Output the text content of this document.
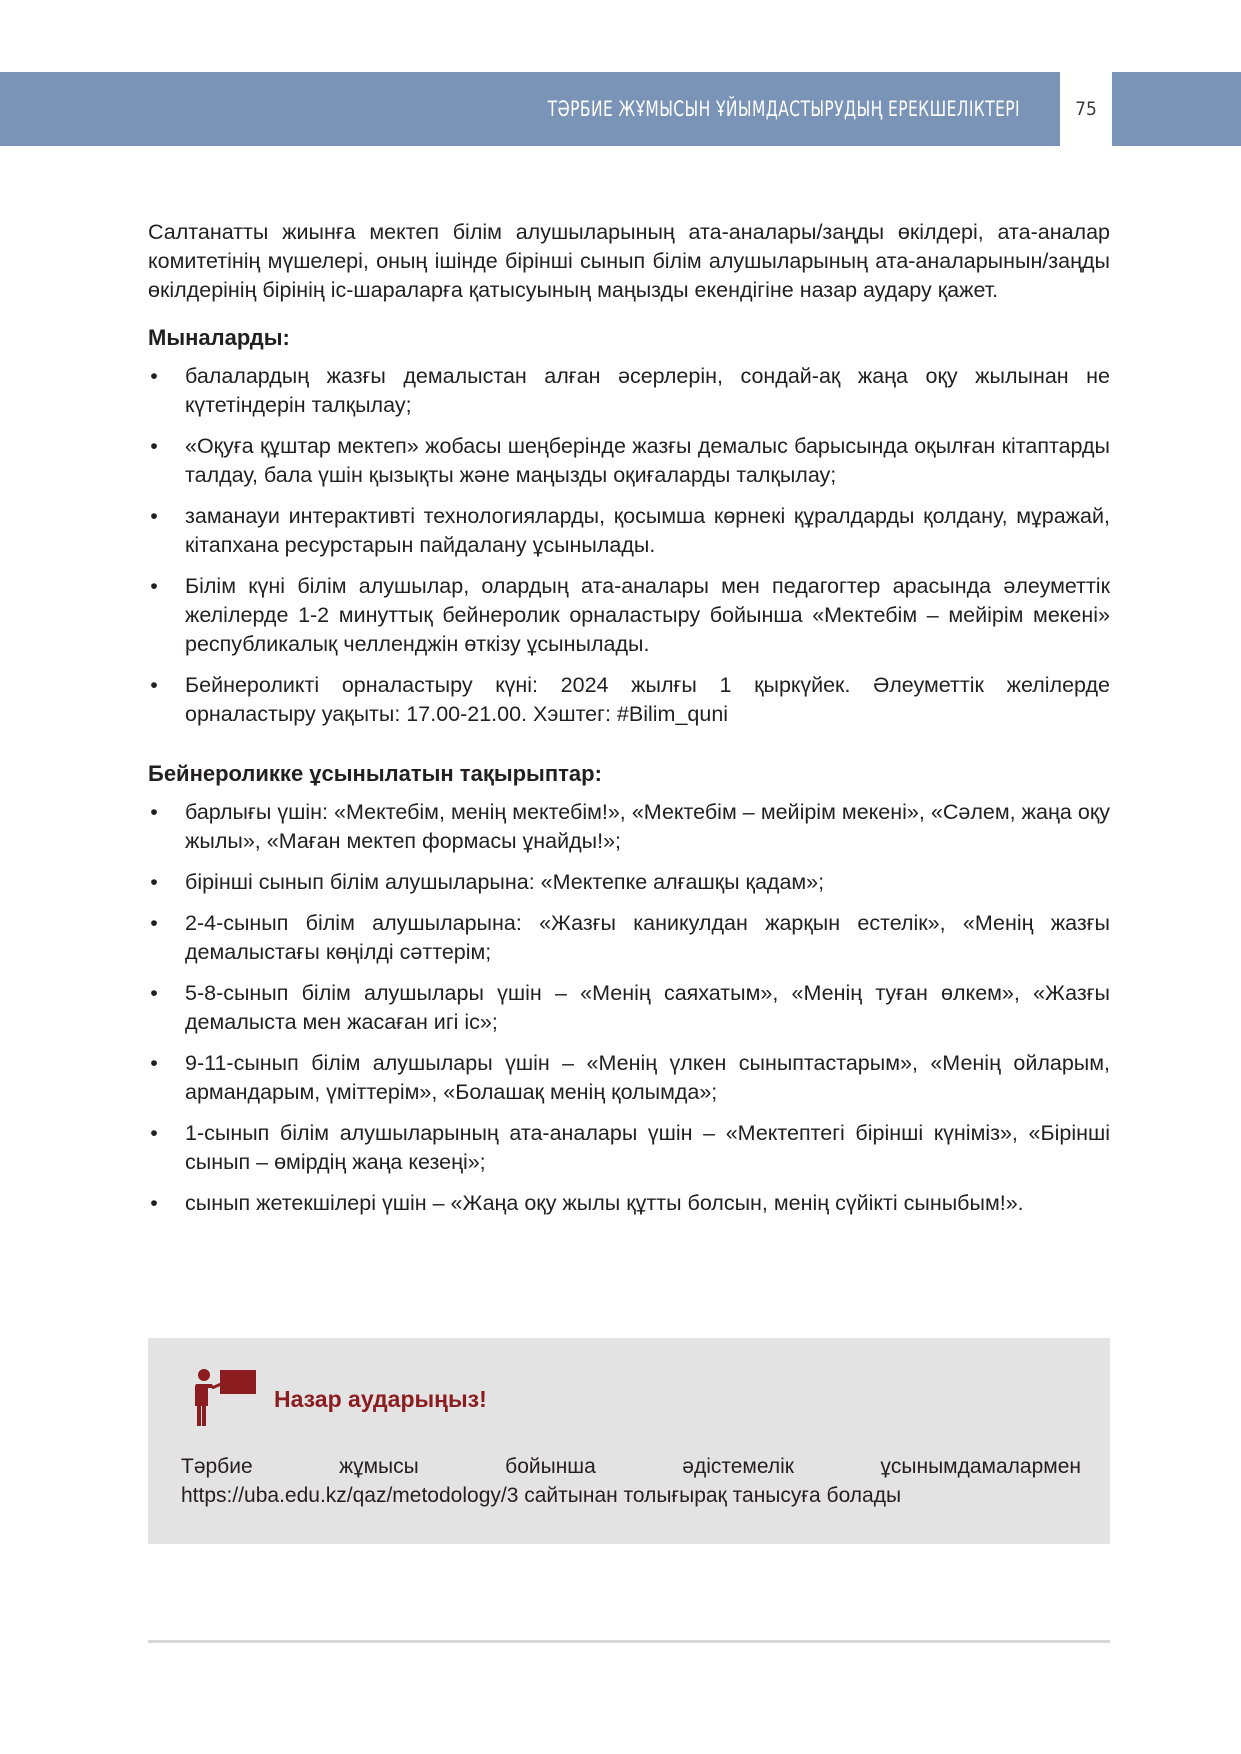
ТӘРБИЕ ЖҰМЫСЫН ҰЙЫМДАСТЫРУДЫҢ ЕРЕКШЕЛІКТЕРІ	75

Салтанатты жиынға мектеп білім алушыларының ата-аналары/заңды өкілдері, ата-аналар комитетінің мүшелері, оның ішінде бірінші сынып білім алушыларының ата-аналарынын/заңды өкілдерінің бірінің іс-шараларға қатысуының маңызды екендігіне назар аудару қажет.

Мыналарды:
• балалардың жазғы демалыстан алған әсерлерін, сондай-ақ жаңа оқу жылынан не күтетіндерін талқылау;
• «Оқуға құштар мектеп» жобасы шеңберінде жазғы демалыс барысында оқылған кітаптарды талдау, бала үшін қызықты және маңызды оқиғаларды талқылау;
• заманауи интерактивті технологияларды, қосымша көрнекі құралдарды қолдану, мұражай, кітапхана ресурстарын пайдалану ұсынылады.
• Білім күні білім алушылар, олардың ата-аналары мен педагогтер арасында әлеуметтік желілерде 1-2 минуттық бейнеролик орналастыру бойынша «Мектебім – мейірім мекені» республикалық челленджін өткізу ұсынылады.
• Бейнероликті орналастыру күні: 2024 жылғы 1 қыркүйек. Әлеуметтік желілерде орналастыру уақыты: 17.00-21.00. Хэштег: #Bilim_quni
Бейнероликке ұсынылатын тақырыптар:
• барлығы үшін: «Мектебім, менің мектебім!», «Мектебім – мейірім мекені», «Сәлем, жаңа оқу жылы», «Маған мектеп формасы ұнайды!»;
• бірінші сынып білім алушыларына: «Мектепке алғашқы қадам»;
• 2-4-сынып білім алушыларына: «Жазғы каникулдан жарқын естелік», «Менің жазғы демалыстағы көңілді сәттерім;
• 5-8-сынып білім алушылары үшін – «Менің саяхатым», «Менің туған өлкем», «Жазғы демалыста мен жасаған игі іс»;
• 9-11-сынып білім алушылары үшін – «Менің үлкен сыныптастарым», «Менің ойларым, армандарым, үміттерім», «Болашақ менің қолымда»;
• 1-сынып білім алушыларының ата-аналары үшін – «Мектептегі бірінші күніміз», «Бірінші сынып – өмірдің жаңа кезеңі»;
• сынып жетекшілері үшін – «Жаңа оқу жылы құтты болсын, менің сүйікті сыныбым!».
Назар аударыңыз!
Тәрбие жұмысы бойынша әдістемелік ұсынымдамалармен https://uba.edu.kz/qaz/metodology/3 сайтынан толығырақ танысуға болады
